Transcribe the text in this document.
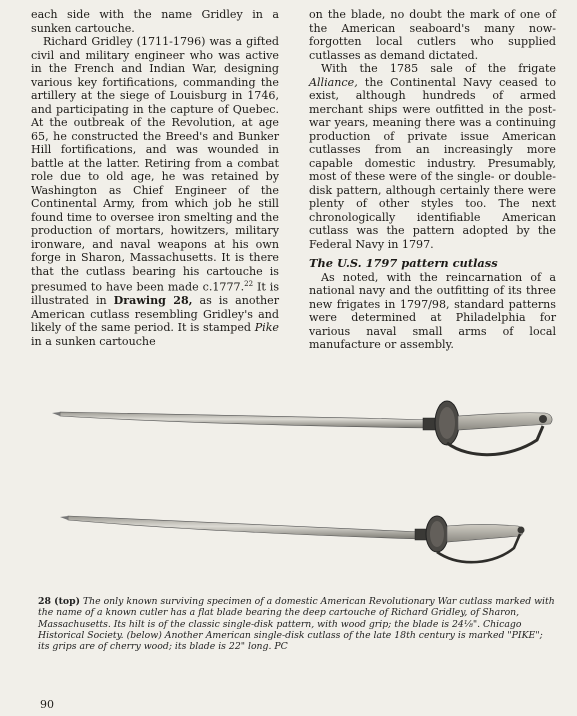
each side with the name Gridley in a sunken cartouche.

Richard Gridley (1711-1796) was a gifted civil and military engineer who was active in the French and Indian War, designing various key fortifications, commanding the artillery at the siege of Louisburg in 1746, and participating in the capture of Quebec. At the outbreak of the Revolution, at age 65, he constructed the Breed's and Bunker Hill fortifications, and was wounded in battle at the latter. Retiring from a combat role due to old age, he was retained by Washington as Chief Engineer of the Continental Army, from which job he still found time to oversee iron smelting and the production of mortars, howitzers, military ironware, and naval weapons at his own forge in Sharon, Massachusetts. It is there that the cutlass bearing his cartouche is presumed to have been made c.1777.22 It is illustrated in Drawing 28, as is another American cutlass resembling Gridley's and likely of the same period. It is stamped Pike in a sunken cartouche

on the blade, no doubt the mark of one of the American seaboard's many now-forgotten local cutlers who supplied cutlasses as demand dictated.

With the 1785 sale of the frigate Alliance, the Continental Navy ceased to exist, although hundreds of armed merchant ships were outfitted in the post-war years, meaning there was a continuing production of private issue American cutlasses from an increasingly more capable domestic industry. Presumably, most of these were of the single- or double-disk pattern, although certainly there were plenty of other styles too. The next chronologically identifiable American cutlass was the pattern adopted by the Federal Navy in 1797.

The U.S. 1797 pattern cutlass

As noted, with the reincarnation of a national navy and the outfitting of its three new frigates in 1797/98, standard patterns were determined at Philadelphia for various naval small arms of local manufacture or assembly.

28 (top) The only known surviving specimen of a domestic American Revolutionary War cutlass marked with the name of a known cutler has a flat blade bearing the deep cartouche of Richard Gridley, of Sharon, Massachusetts. Its hilt is of the classic single-disk pattern, with wood grip; the blade is 24⅛". Chicago Historical Society. (below) Another American single-disk cutlass of the late 18th century is marked "PIKE"; its grips are of cherry wood; its blade is 22" long. PC
90
